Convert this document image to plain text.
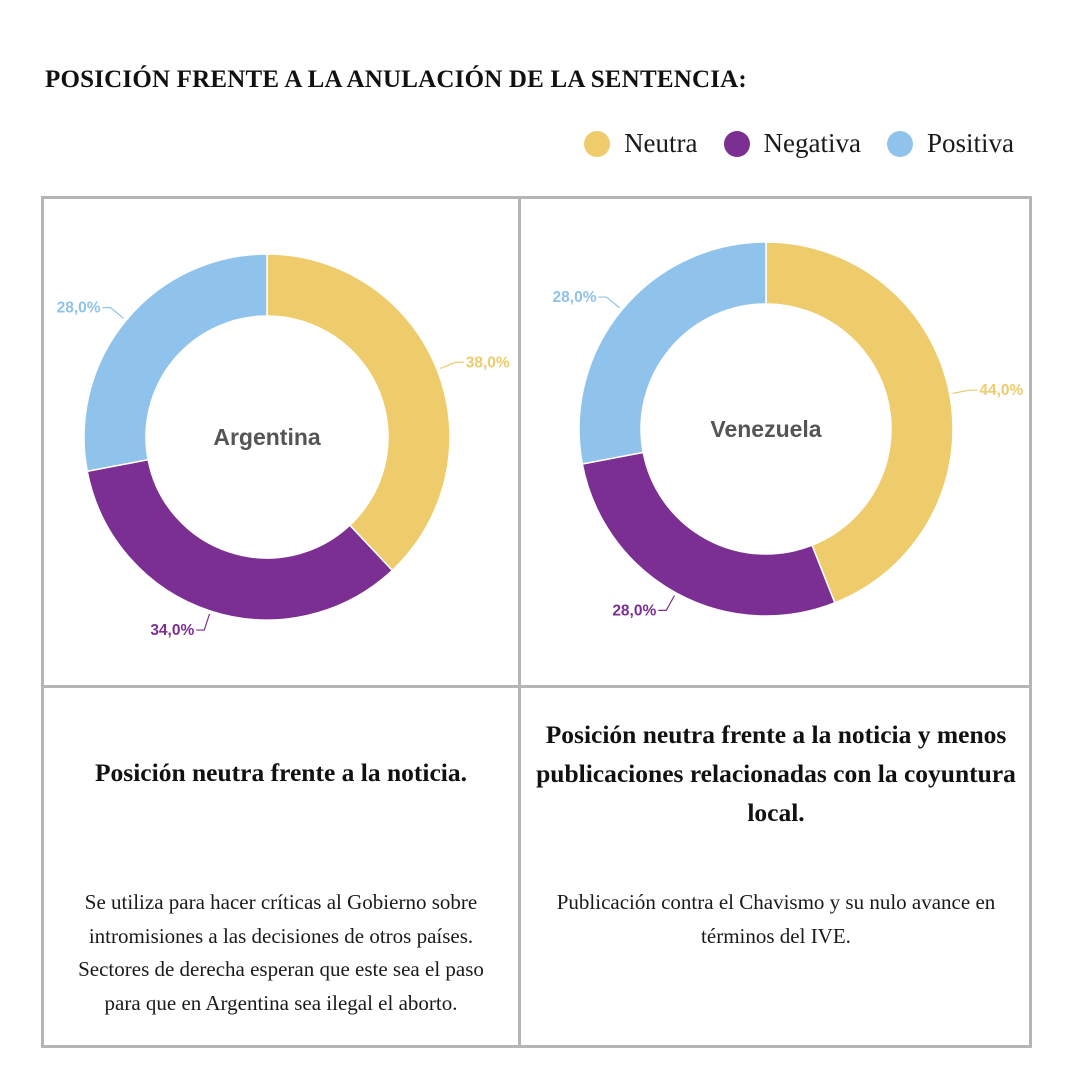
POSICIÓN FRENTE A LA ANULACIÓN DE LA SENTENCIA:
Neutra Negativa Positiva
38,0%
34,0%
28,0%
Argentina
44,0%
28,0%
28,0%
Venezuela

Posición neutra frente a la noticia.

Posición neutra frente a la noticia y menos publicaciones relacionadas con la coyuntura local.

Se utiliza para hacer críticas al Gobierno sobre intromisiones a las decisiones de otros países. Sectores de derecha esperan que este sea el paso para que en Argentina sea ilegal el aborto.

Publicación contra el Chavismo y su nulo avance en términos del IVE.
